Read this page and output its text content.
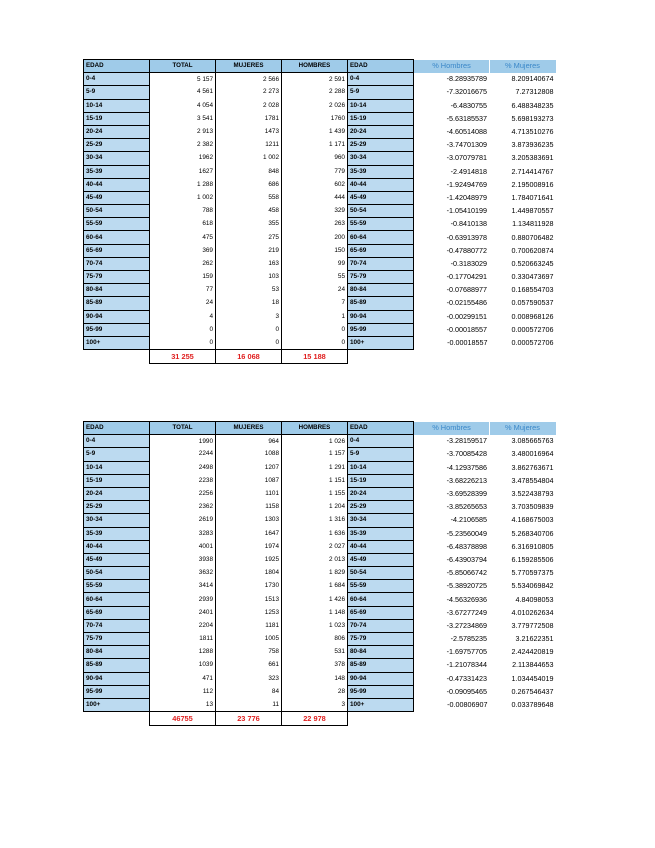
EDAD	TOTAL	MUJERES	HOMBRES	EDAD	% Hombres	% Mujeres
0-4	5 157	2 566	2 591	0-4	-8.28935789	8.209140674
5-9	4 561	2 273	2 288	5-9	-7.32016675	7.27312808
10-14	4 054	2 028	2 026	10-14	-6.4830755	6.488348235
15-19	3 541	1781	1760	15-19	-5.63185537	5.698193273
20-24	2 913	1473	1 439	20-24	-4.60514088	4.713510276
25-29	2 382	1211	1 171	25-29	-3.74701309	3.873936235
30-34	1962	1 002	960	30-34	-3.07079781	3.205383691
35-39	1627	848	779	35-39	-2.4914818	2.714414767
40-44	1 288	686	602	40-44	-1.92494769	2.195008916
45-49	1 002	558	444	45-49	-1.42048979	1.784071641
50-54	788	458	329	50-54	-1.05410199	1.449870557
55-59	618	355	263	55-59	-0.8410138	1.134811928
60-64	475	275	200	60-64	-0.63913978	0.880706482
65-69	369	219	150	65-69	-0.47880772	0.700620874
70-74	262	163	99	70-74	-0.3183029	0.520663245
75-79	159	103	55	75-79	-0.17704291	0.330473697
80-84	77	53	24	80-84	-0.07688977	0.168554703
85-89	24	18	7	85-89	-0.02155486	0.057590537
90-94	4	3	1	90-94	-0.00299151	0.008968126
95-99	0	0	0	95-99	-0.00018557	0.000572706
100+	0	0	0	100+	-0.00018557	0.000572706
	31 255	16 068	15 188			
EDAD	TOTAL	MUJERES	HOMBRES	EDAD	% Hombres	% Mujeres
0-4	1990	964	1 026	0-4	-3.28159517	3.085665763
5-9	2244	1088	1 157	5-9	-3.70085428	3.480016964
10-14	2498	1207	1 291	10-14	-4.12937586	3.862763671
15-19	2238	1087	1 151	15-19	-3.68226213	3.478554804
20-24	2256	1101	1 155	20-24	-3.69528399	3.522438793
25-29	2362	1158	1 204	25-29	-3.85265653	3.703509839
30-34	2619	1303	1 316	30-34	-4.2106585	4.168675003
35-39	3283	1647	1 636	35-39	-5.23560049	5.268340706
40-44	4001	1974	2 027	40-44	-6.48378898	6.316910805
45-49	3938	1925	2 013	45-49	-6.43903794	6.159285506
50-54	3632	1804	1 829	50-54	-5.85066742	5.770597375
55-59	3414	1730	1 684	55-59	-5.38920725	5.534069842
60-64	2939	1513	1 426	60-64	-4.56326936	4.84098053
65-69	2401	1253	1 148	65-69	-3.67277249	4.010262634
70-74	2204	1181	1 023	70-74	-3.27234869	3.779772508
75-79	1811	1005	806	75-79	-2.5785235	3.21622351
80-84	1288	758	531	80-84	-1.69757705	2.424420819
85-89	1039	661	378	85-89	-1.21078344	2.113844653
90-94	471	323	148	90-94	-0.47331423	1.034454019
95-99	112	84	28	95-99	-0.09095465	0.267546437
100+	13	11	3	100+	-0.00806907	0.033789648
	46755	23 776	22 978			
